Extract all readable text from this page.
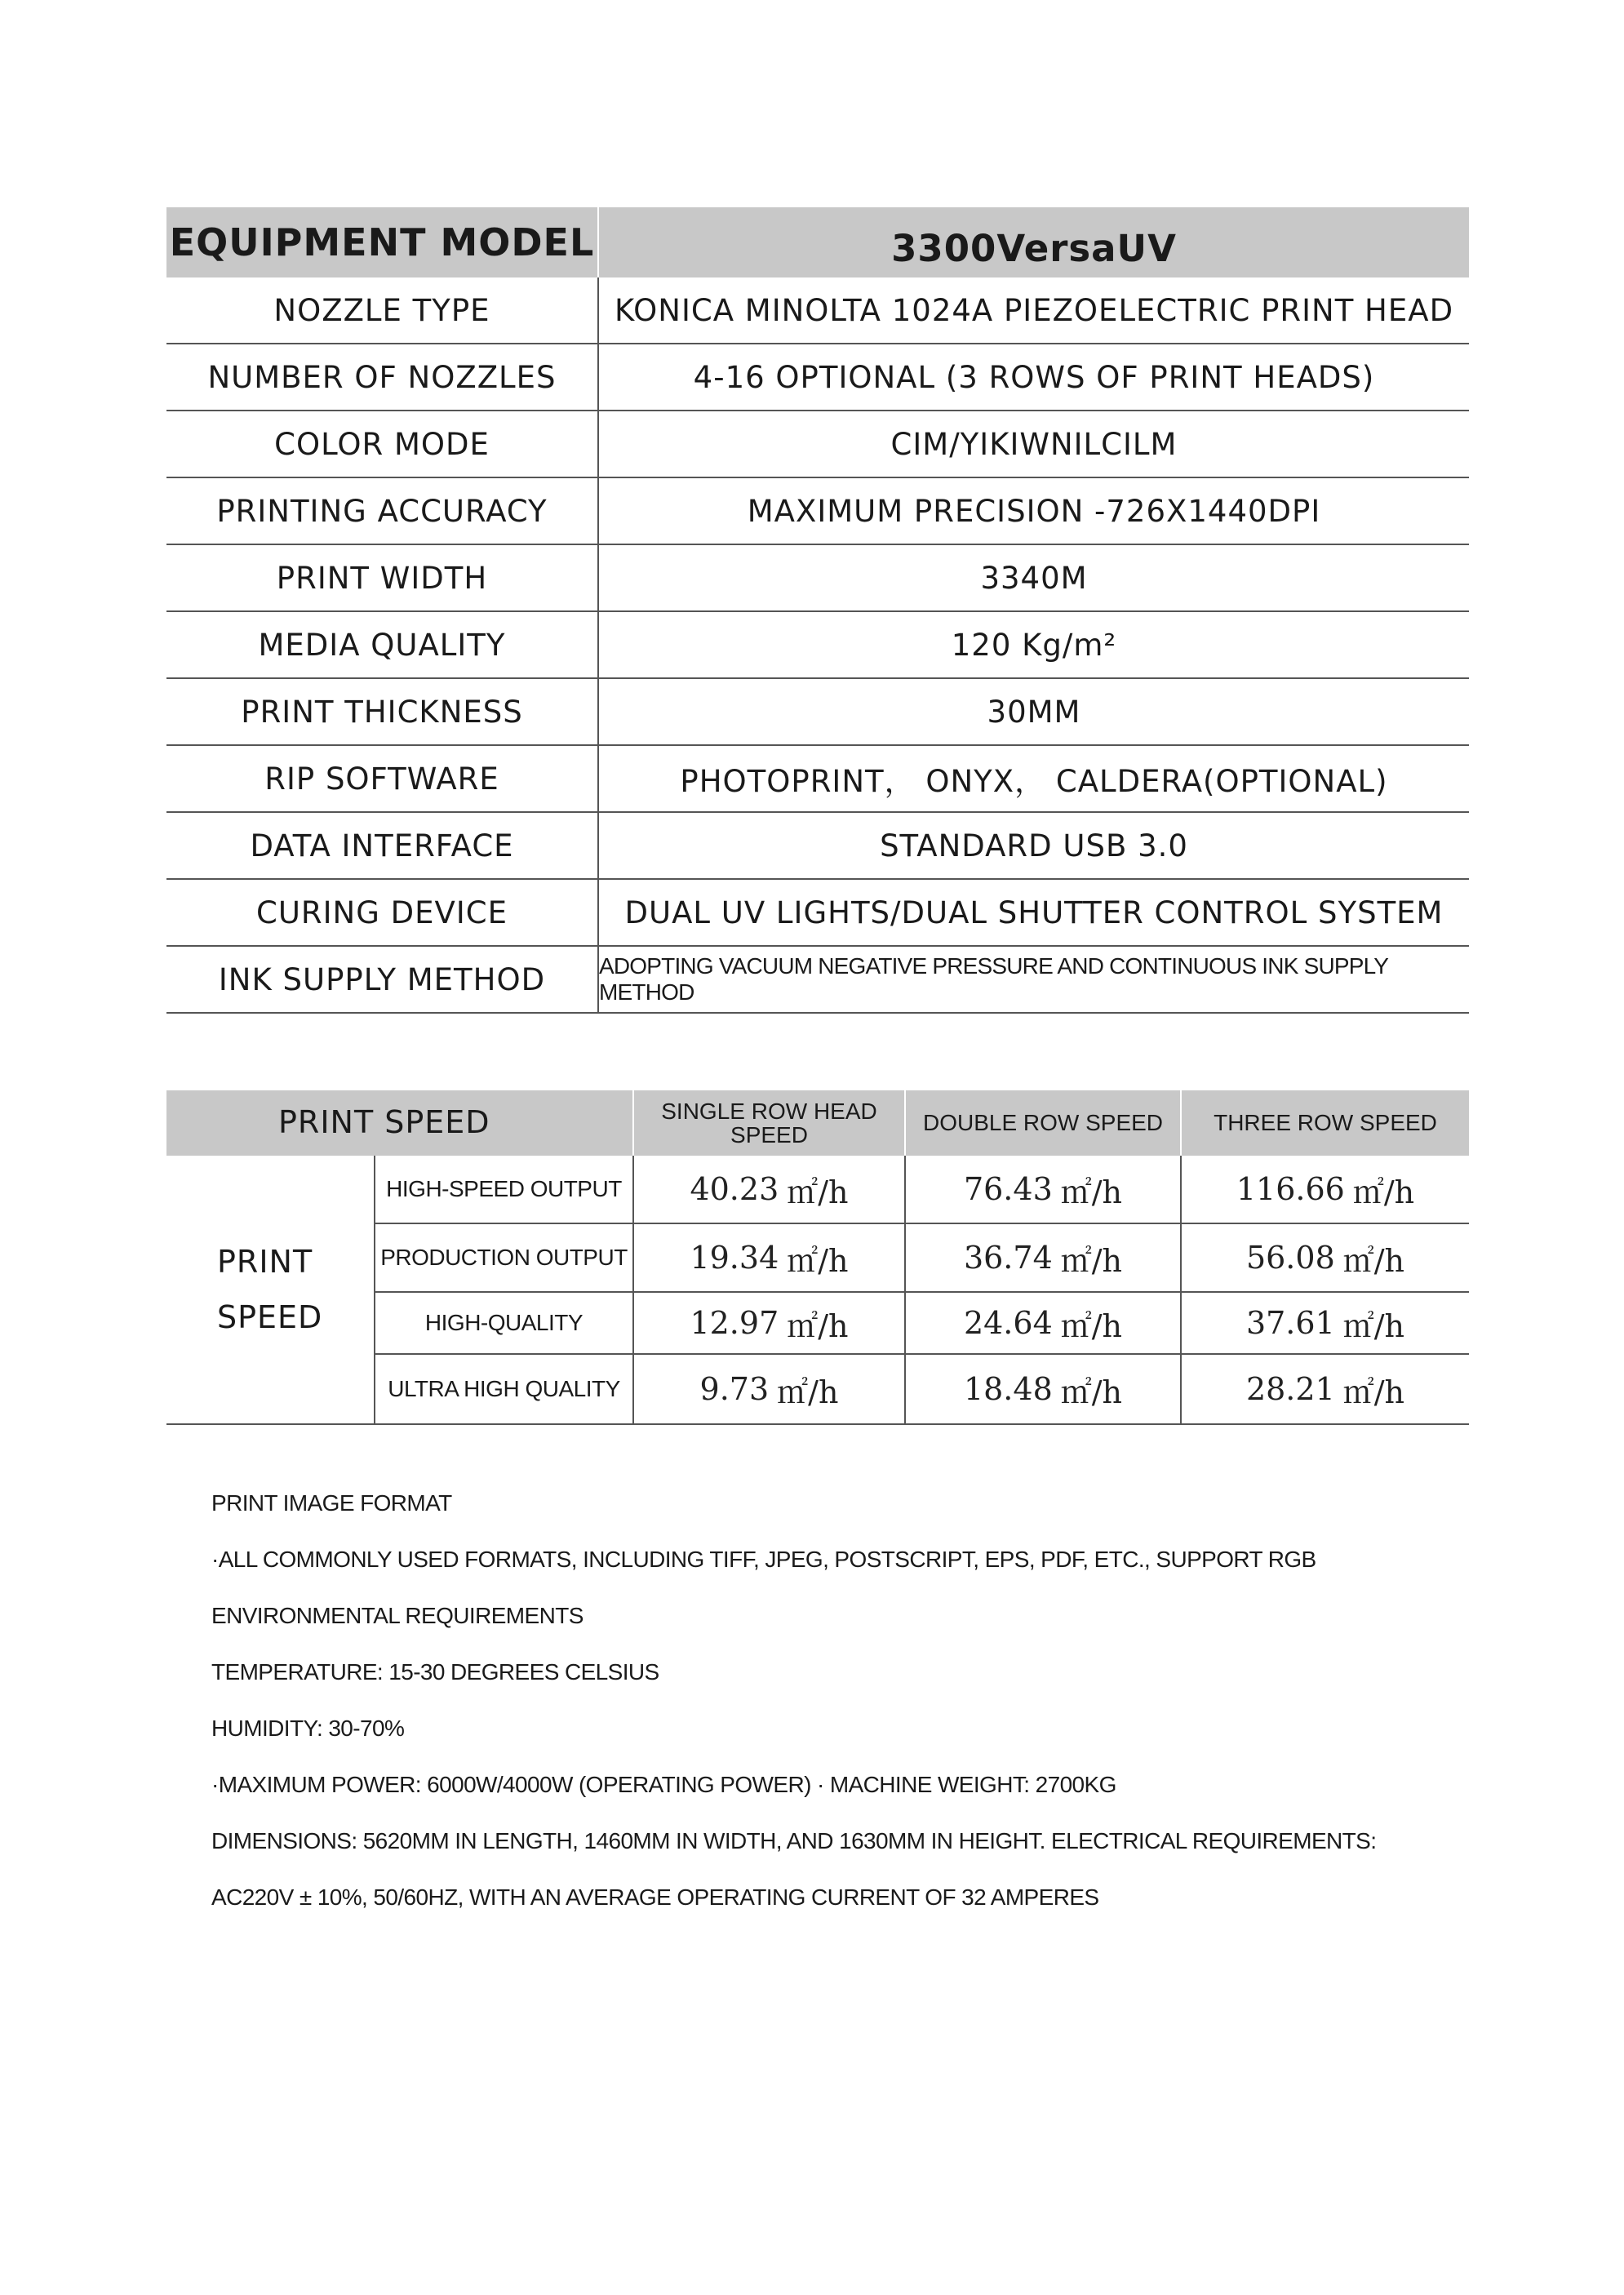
EQUIPMENT MODEL	3300VersaUV
NOZZLE TYPE	KONICA MINOLTA 1024A PIEZOELECTRIC PRINT HEAD
NUMBER OF NOZZLES	4-16 OPTIONAL (3 ROWS OF PRINT HEADS)
COLOR MODE	CIM/YIKIWNILCILM
PRINTING ACCURACY	MAXIMUM PRECISION -726X1440DPI
PRINT WIDTH	3340M
MEDIA QUALITY	120 Kg/m²
PRINT THICKNESS	30MM
RIP SOFTWARE	PHOTOPRINT， ONYX， CALDERA(OPTIONAL)
DATA INTERFACE	STANDARD USB 3.0
CURING DEVICE	DUAL UV LIGHTS/DUAL SHUTTER CONTROL SYSTEM
INK SUPPLY METHOD	ADOPTING VACUUM NEGATIVE PRESSURE AND CONTINUOUS INK SUPPLY METHOD
PRINT SPEED	SINGLE ROW HEAD SPEED	DOUBLE ROW SPEED	THREE ROW SPEED
PRINT
SPEED
HIGH-SPEED OUTPUT	40.23 ㎡/h	76.43 ㎡/h	116.66 ㎡/h
PRODUCTION OUTPUT 19.34 ㎡/h	36.74 ㎡/h	56.08 ㎡/h
HIGH-QUALITY	12.97 ㎡/h	24.64 ㎡/h	37.61 ㎡/h
ULTRA HIGH QUALITY	9.73 ㎡/h	18.48 ㎡/h	28.21 ㎡/h
PRINT IMAGE FORMAT
·ALL COMMONLY USED FORMATS, INCLUDING TIFF, JPEG, POSTSCRIPT, EPS, PDF, ETC., SUPPORT RGB
ENVIRONMENTAL REQUIREMENTS
TEMPERATURE: 15-30 DEGREES CELSIUS
HUMIDITY: 30-70%
·MAXIMUM POWER: 6000W/4000W (OPERATING POWER) · MACHINE WEIGHT: 2700KG
DIMENSIONS: 5620MM IN LENGTH, 1460MM IN WIDTH, AND 1630MM IN HEIGHT. ELECTRICAL REQUIREMENTS:
AC220V ± 10%, 50/60HZ, WITH AN AVERAGE OPERATING CURRENT OF 32 AMPERES
